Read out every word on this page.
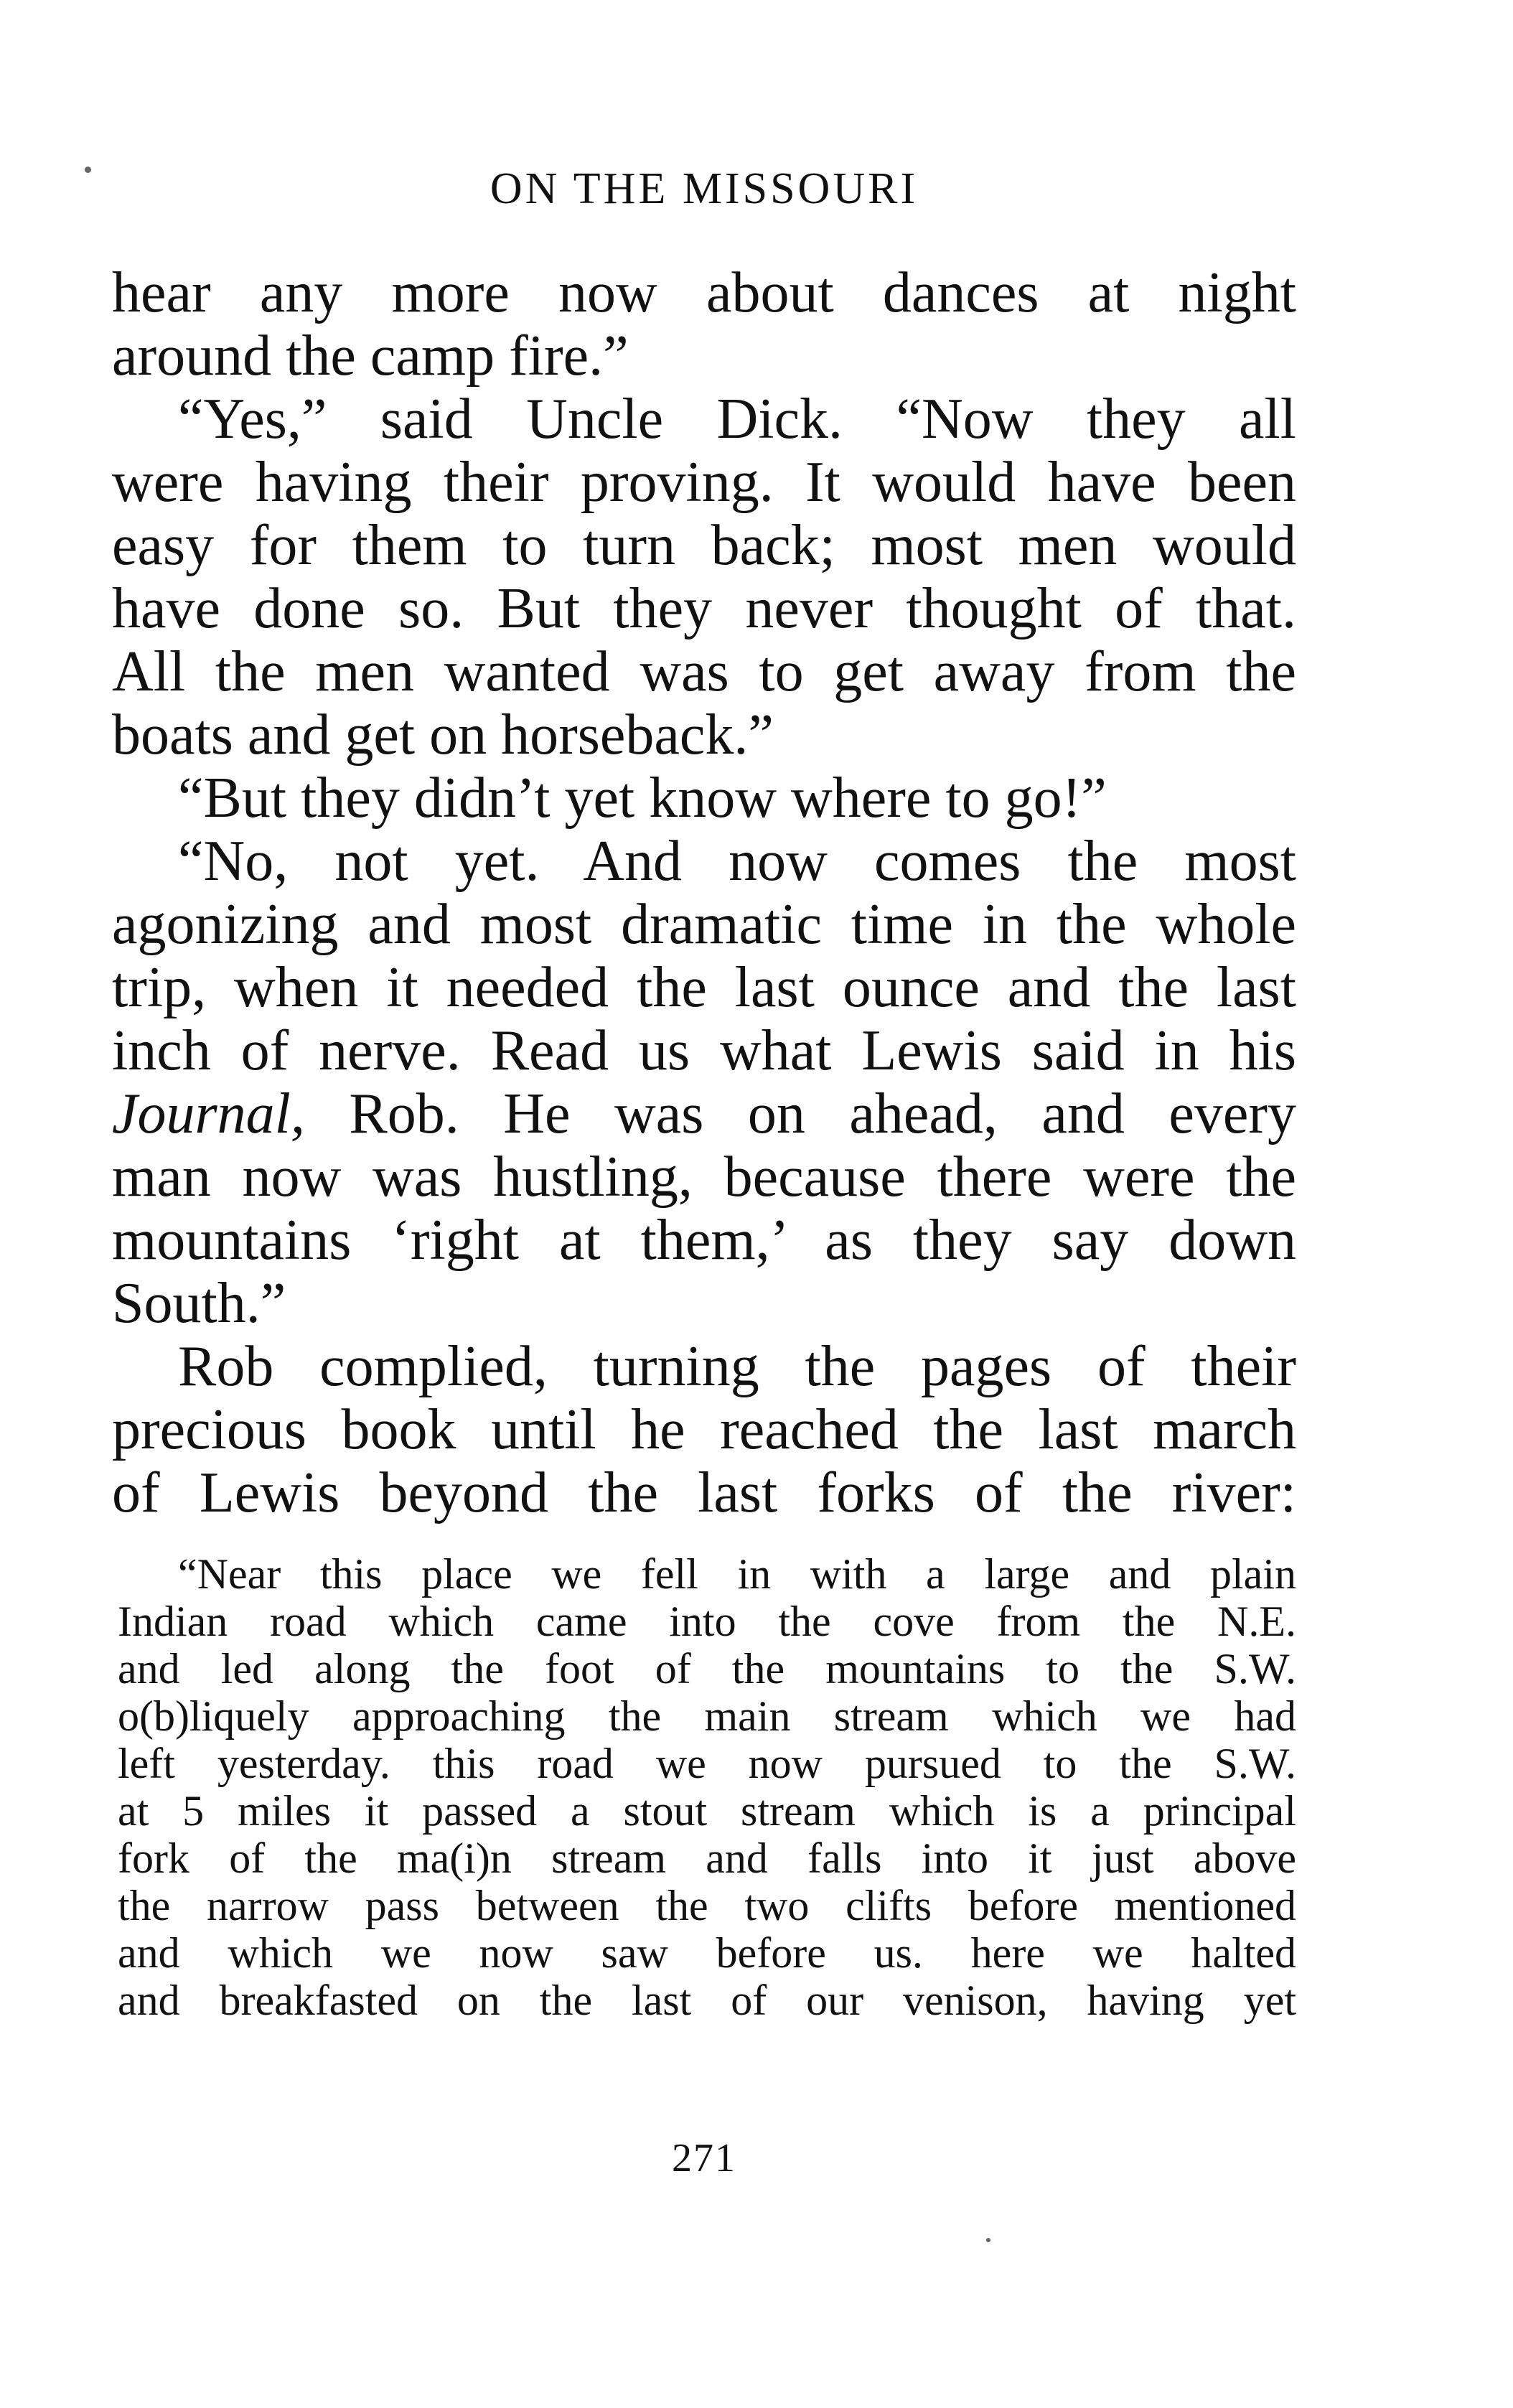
ON THE MISSOURI
hear any more now about dances at night
around the camp fire.”
“Yes,” said Uncle Dick. “Now they all
were having their proving. It would have been
easy for them to turn back; most men would
have done so. But they never thought of that.
All the men wanted was to get away from the
boats and get on horseback.”
“But they didn’t yet know where to go!”
“No, not yet. And now comes the most
agonizing and most dramatic time in the whole
trip, when it needed the last ounce and the last
inch of nerve. Read us what Lewis said in his
Journal, Rob. He was on ahead, and every
man now was hustling, because there were the
mountains ‘right at them,’ as they say down
South.”
Rob complied, turning the pages of their
precious book until he reached the last march
of Lewis beyond the last forks of the river:
“Near this place we fell in with a large and plain
Indian road which came into the cove from the N.E.
and led along the foot of the mountains to the S.W.
o(b)liquely approaching the main stream which we had
left yesterday. this road we now pursued to the S.W.
at 5 miles it passed a stout stream which is a principal
fork of the ma(i)n stream and falls into it just above
the narrow pass between the two clifts before mentioned
and which we now saw before us. here we halted
and breakfasted on the last of our venison, having yet
271
